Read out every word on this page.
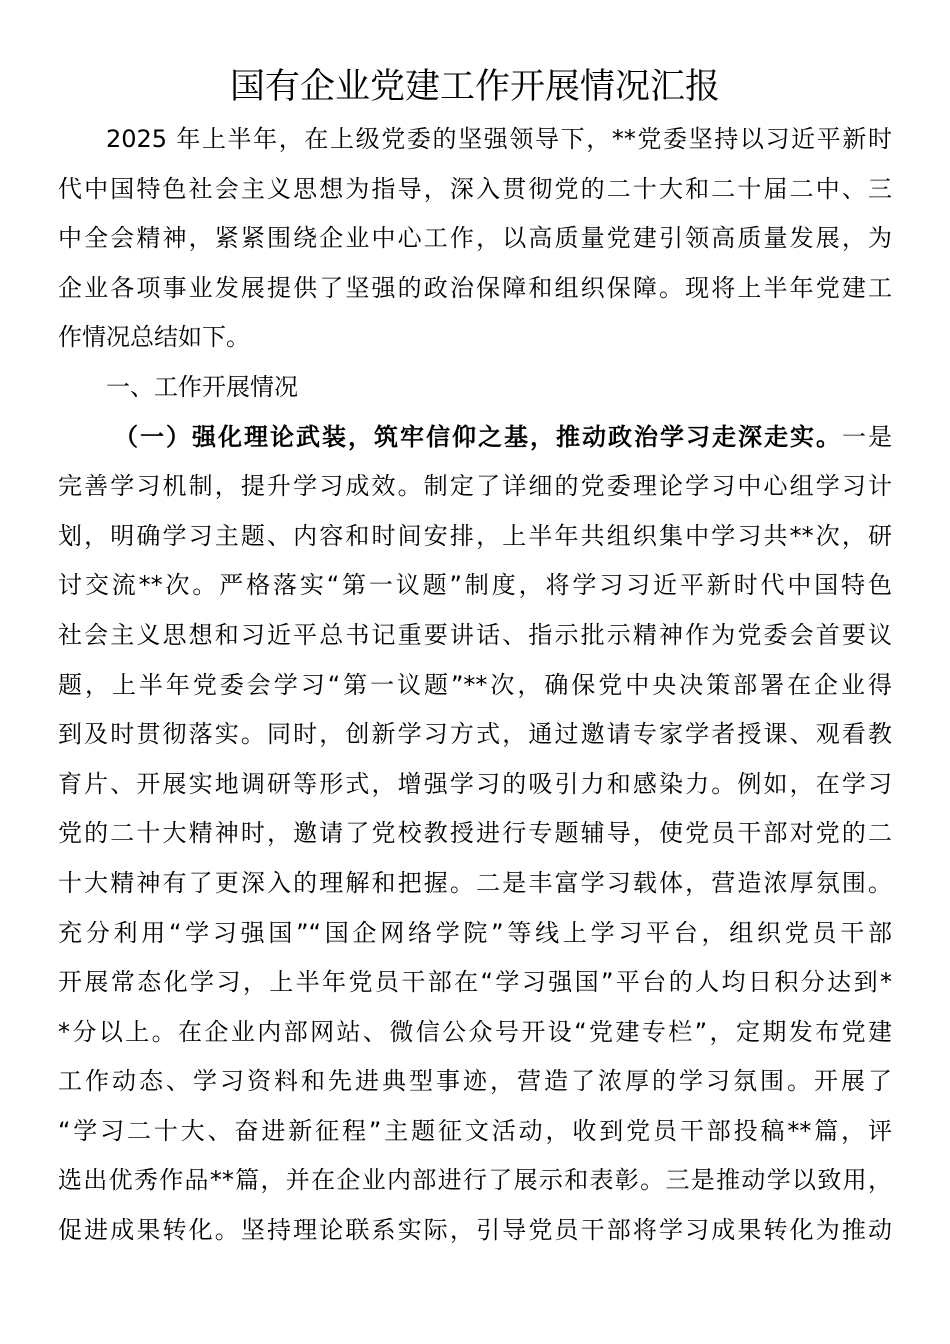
国有企业党建工作开展情况汇报
2025 年上半年，在上级党委的坚强领导下，**党委坚持以习近平新时
代中国特色社会主义思想为指导，深入贯彻党的二十大和二十届二中、三
中全会精神，紧紧围绕企业中心工作，以高质量党建引领高质量发展，为
企业各项事业发展提供了坚强的政治保障和组织保障。现将上半年党建工
作情况总结如下。
一、工作开展情况
（一）强化理论武装，筑牢信仰之基，推动政治学习走深走实。一是
完善学习机制，提升学习成效。制定了详细的党委理论学习中心组学习计
划，明确学习主题、内容和时间安排，上半年共组织集中学习共**次，研
讨交流**次。严格落实“第一议题”制度，将学习习近平新时代中国特色
社会主义思想和习近平总书记重要讲话、指示批示精神作为党委会首要议
题，上半年党委会学习“第一议题”**次，确保党中央决策部署在企业得
到及时贯彻落实。同时，创新学习方式，通过邀请专家学者授课、观看教
育片、开展实地调研等形式，增强学习的吸引力和感染力。例如，在学习
党的二十大精神时，邀请了党校教授进行专题辅导，使党员干部对党的二
十大精神有了更深入的理解和把握。二是丰富学习载体，营造浓厚氛围。
充分利用“学习强国”“国企网络学院”等线上学习平台，组织党员干部
开展常态化学习，上半年党员干部在“学习强国”平台的人均日积分达到*
*分以上。在企业内部网站、微信公众号开设“党建专栏”，定期发布党建
工作动态、学习资料和先进典型事迹，营造了浓厚的学习氛围。开展了
“学习二十大、奋进新征程”主题征文活动，收到党员干部投稿**篇，评
选出优秀作品**篇，并在企业内部进行了展示和表彰。三是推动学以致用，
促进成果转化。坚持理论联系实际，引导党员干部将学习成果转化为推动
